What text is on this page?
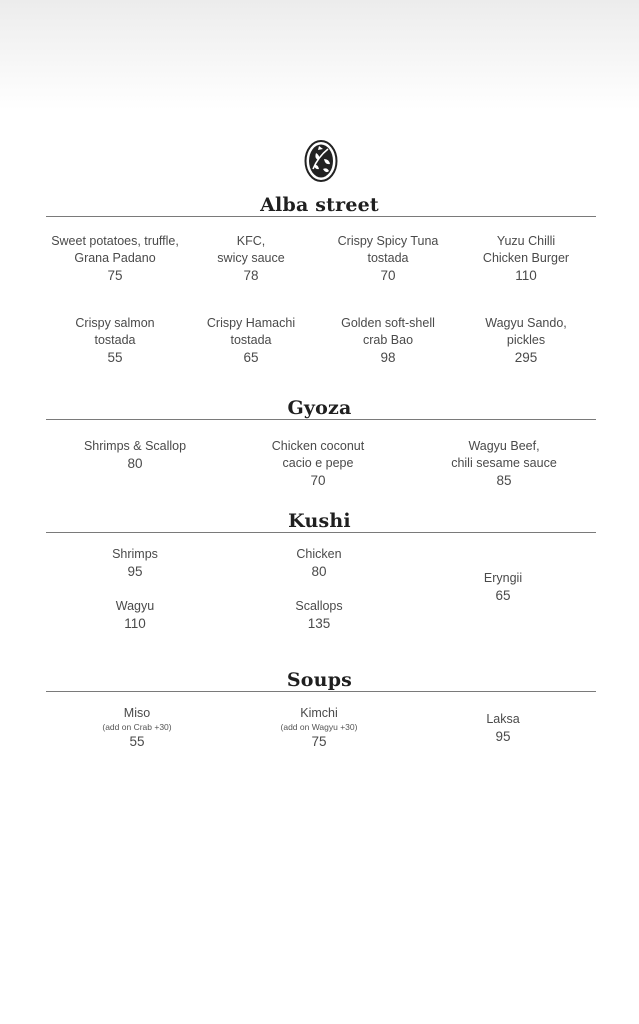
Alba street
Sweet potatoes, truffle,
Grana Padano
75
KFC,
swicy sauce
78
Crispy Spicy Tuna
tostada
70
Yuzu Chilli
Chicken Burger
110
Crispy salmon
tostada
55
Crispy Hamachi
tostada
65
Golden soft-shell
crab Bao
98
Wagyu Sando,
pickles
295
Gyoza
Shrimps & Scallop
80
Chicken coconut
cacio e pepe
70
Wagyu Beef,
chili sesame sauce
85
Kushi
Shrimps
95
Chicken
80	Eryngii
65
Wagyu
110
Scallops
135
Soups
Miso
(add on Crab +30)
55
Kimchi
(add on Wagyu +30)
75
Laksa
95
